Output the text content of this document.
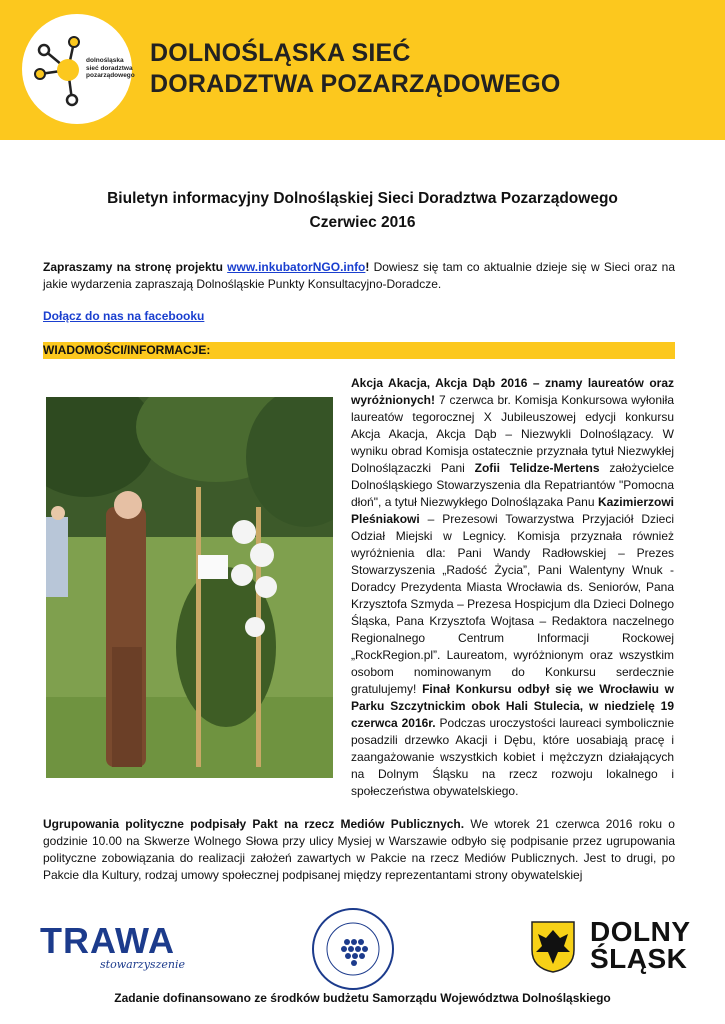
dolnośląska sieć doradztwa pozarządowego
DOLNOŚLĄSKA SIEĆ
DORADZTWA POZARZĄDOWEGO
Biuletyn informacyjny Dolnośląskiej Sieci Doradztwa Pozarządowego
Czerwiec 2016
Zapraszamy na stronę projektu www.inkubatorNGO.info! Dowiesz się tam co aktualnie dzieje się w Sieci oraz na jakie wydarzenia zapraszają Dolnośląskie Punkty Konsultacyjno-Doradcze.
Dołącz do nas na facebooku
WIADOMOŚCI/INFORMACJE:
Akcja Akacja, Akcja Dąb 2016 – znamy laureatów oraz wyróżnionych! 7 czerwca br. Komisja Konkursowa wyłoniła laureatów tegorocznej X Jubileuszowej edycji konkursu Akcja Akacja, Akcja Dąb – Niezwykli Dolnoślązacy. W wyniku obrad Komisja ostatecznie przyznała tytuł Niezwykłej Dolnoślązaczki Pani Zofii Telidze-Mertens założycielce Dolnośląskiego Stowarzyszenia dla Repatriantów "Pomocna dłoń", a tytuł Niezwykłego Dolnoślązaka Panu Kazimierzowi Pleśniakowi – Prezesowi Towarzystwa Przyjaciół Dzieci Odział Miejski w Legnicy. Komisja przyznała również wyróżnienia dla: Pani Wandy Radłowskiej – Prezes Stowarzyszenia „Radość Życia”, Pani Walentyny Wnuk - Doradcy Prezydenta Miasta Wrocławia ds. Seniorów, Pana Krzysztofa Szmyda – Prezesa Hospicjum dla Dzieci Dolnego Śląska, Pana Krzysztofa Wojtasa – Redaktora naczelnego Regionalnego Centrum Informacji Rockowej „RockRegion.pl”. Laureatom, wyróżnionym oraz wszystkim osobom nominowanym do Konkursu serdecznie gratulujemy! Finał Konkursu odbył się we Wrocławiu w Parku Szczytnickim obok Hali Stulecia, w niedzielę 19 czerwca 2016r. Podczas uroczystości laureaci symbolicznie posadzili drzewko Akacji i Dębu, które uosabiają pracę i zaangażowanie wszystkich kobiet i mężczyzn działających na Dolnym Śląsku na rzecz rozwoju lokalnego i społeczeństwa obywatelskiego.
Ugrupowania polityczne podpisały Pakt na rzecz Mediów Publicznych. We wtorek 21 czerwca 2016 roku o godzinie 10.00 na Skwerze Wolnego Słowa przy ulicy Mysiej w Warszawie odbyło się podpisanie przez ugrupowania polityczne zobowiązania do realizacji założeń zawartych w Pakcie na rzecz Mediów Publicznych. Jest to drugi, po Pakcie dla Kultury, rodzaj umowy społecznej podpisanej między reprezentantami strony obywatelskiej
TRAWA
stowarzyszenie
DOLNY
ŚLĄSK
Zadanie dofinansowano ze środków budżetu Samorządu Województwa Dolnośląskiego
